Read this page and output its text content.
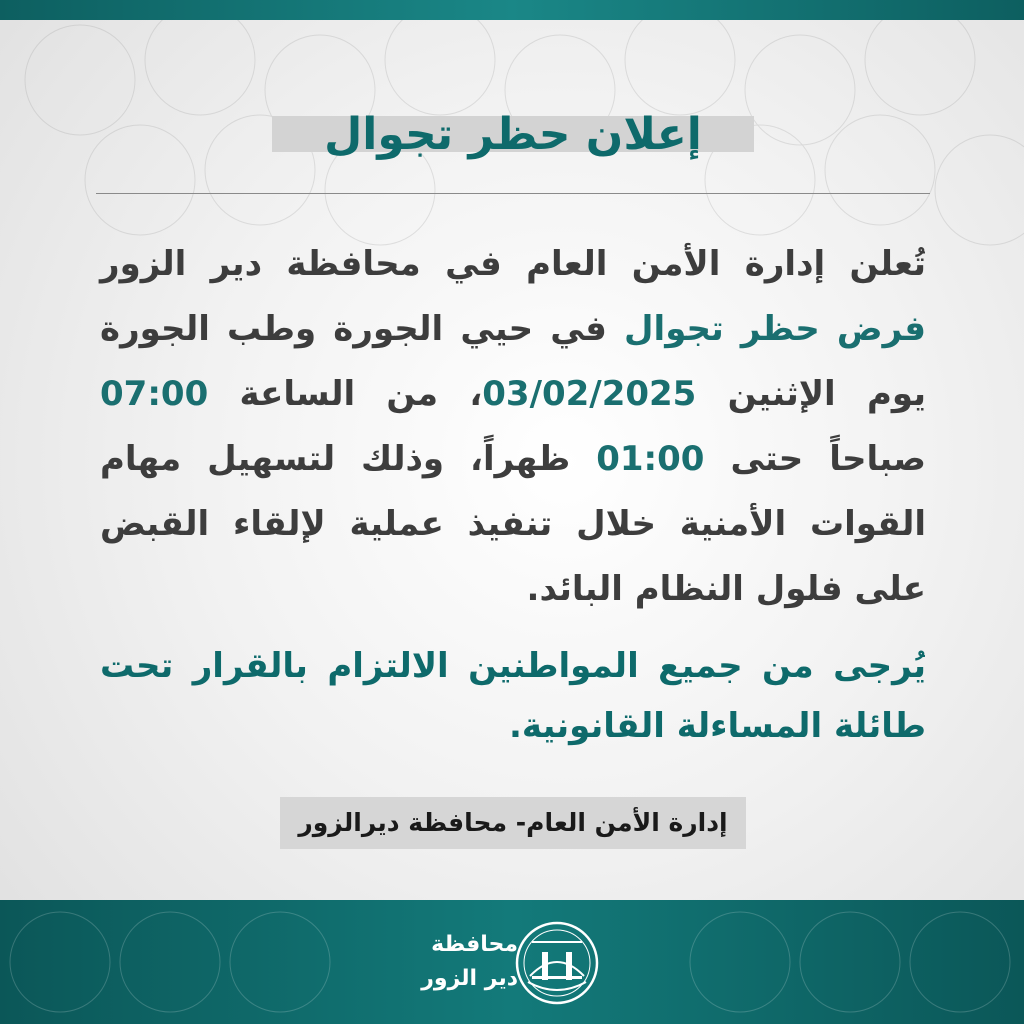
إعلان حظر تجوال
تُعلن إدارة الأمن العام في محافظة دير الزور فرض حظر تجوال في حيي الجورة وطب الجورة يوم الإثنين 03/02/2025، من الساعة 07:00 صباحاً حتى 01:00 ظهراً، وذلك لتسهيل مهام القوات الأمنية خلال تنفيذ عملية لإلقاء القبض على فلول النظام البائد.
يُرجى من جميع المواطنين الالتزام بالقرار تحت طائلة المساءلة القانونية.
إدارة الأمن العام- محافظة ديرالزور
محافظة
دير الزور
